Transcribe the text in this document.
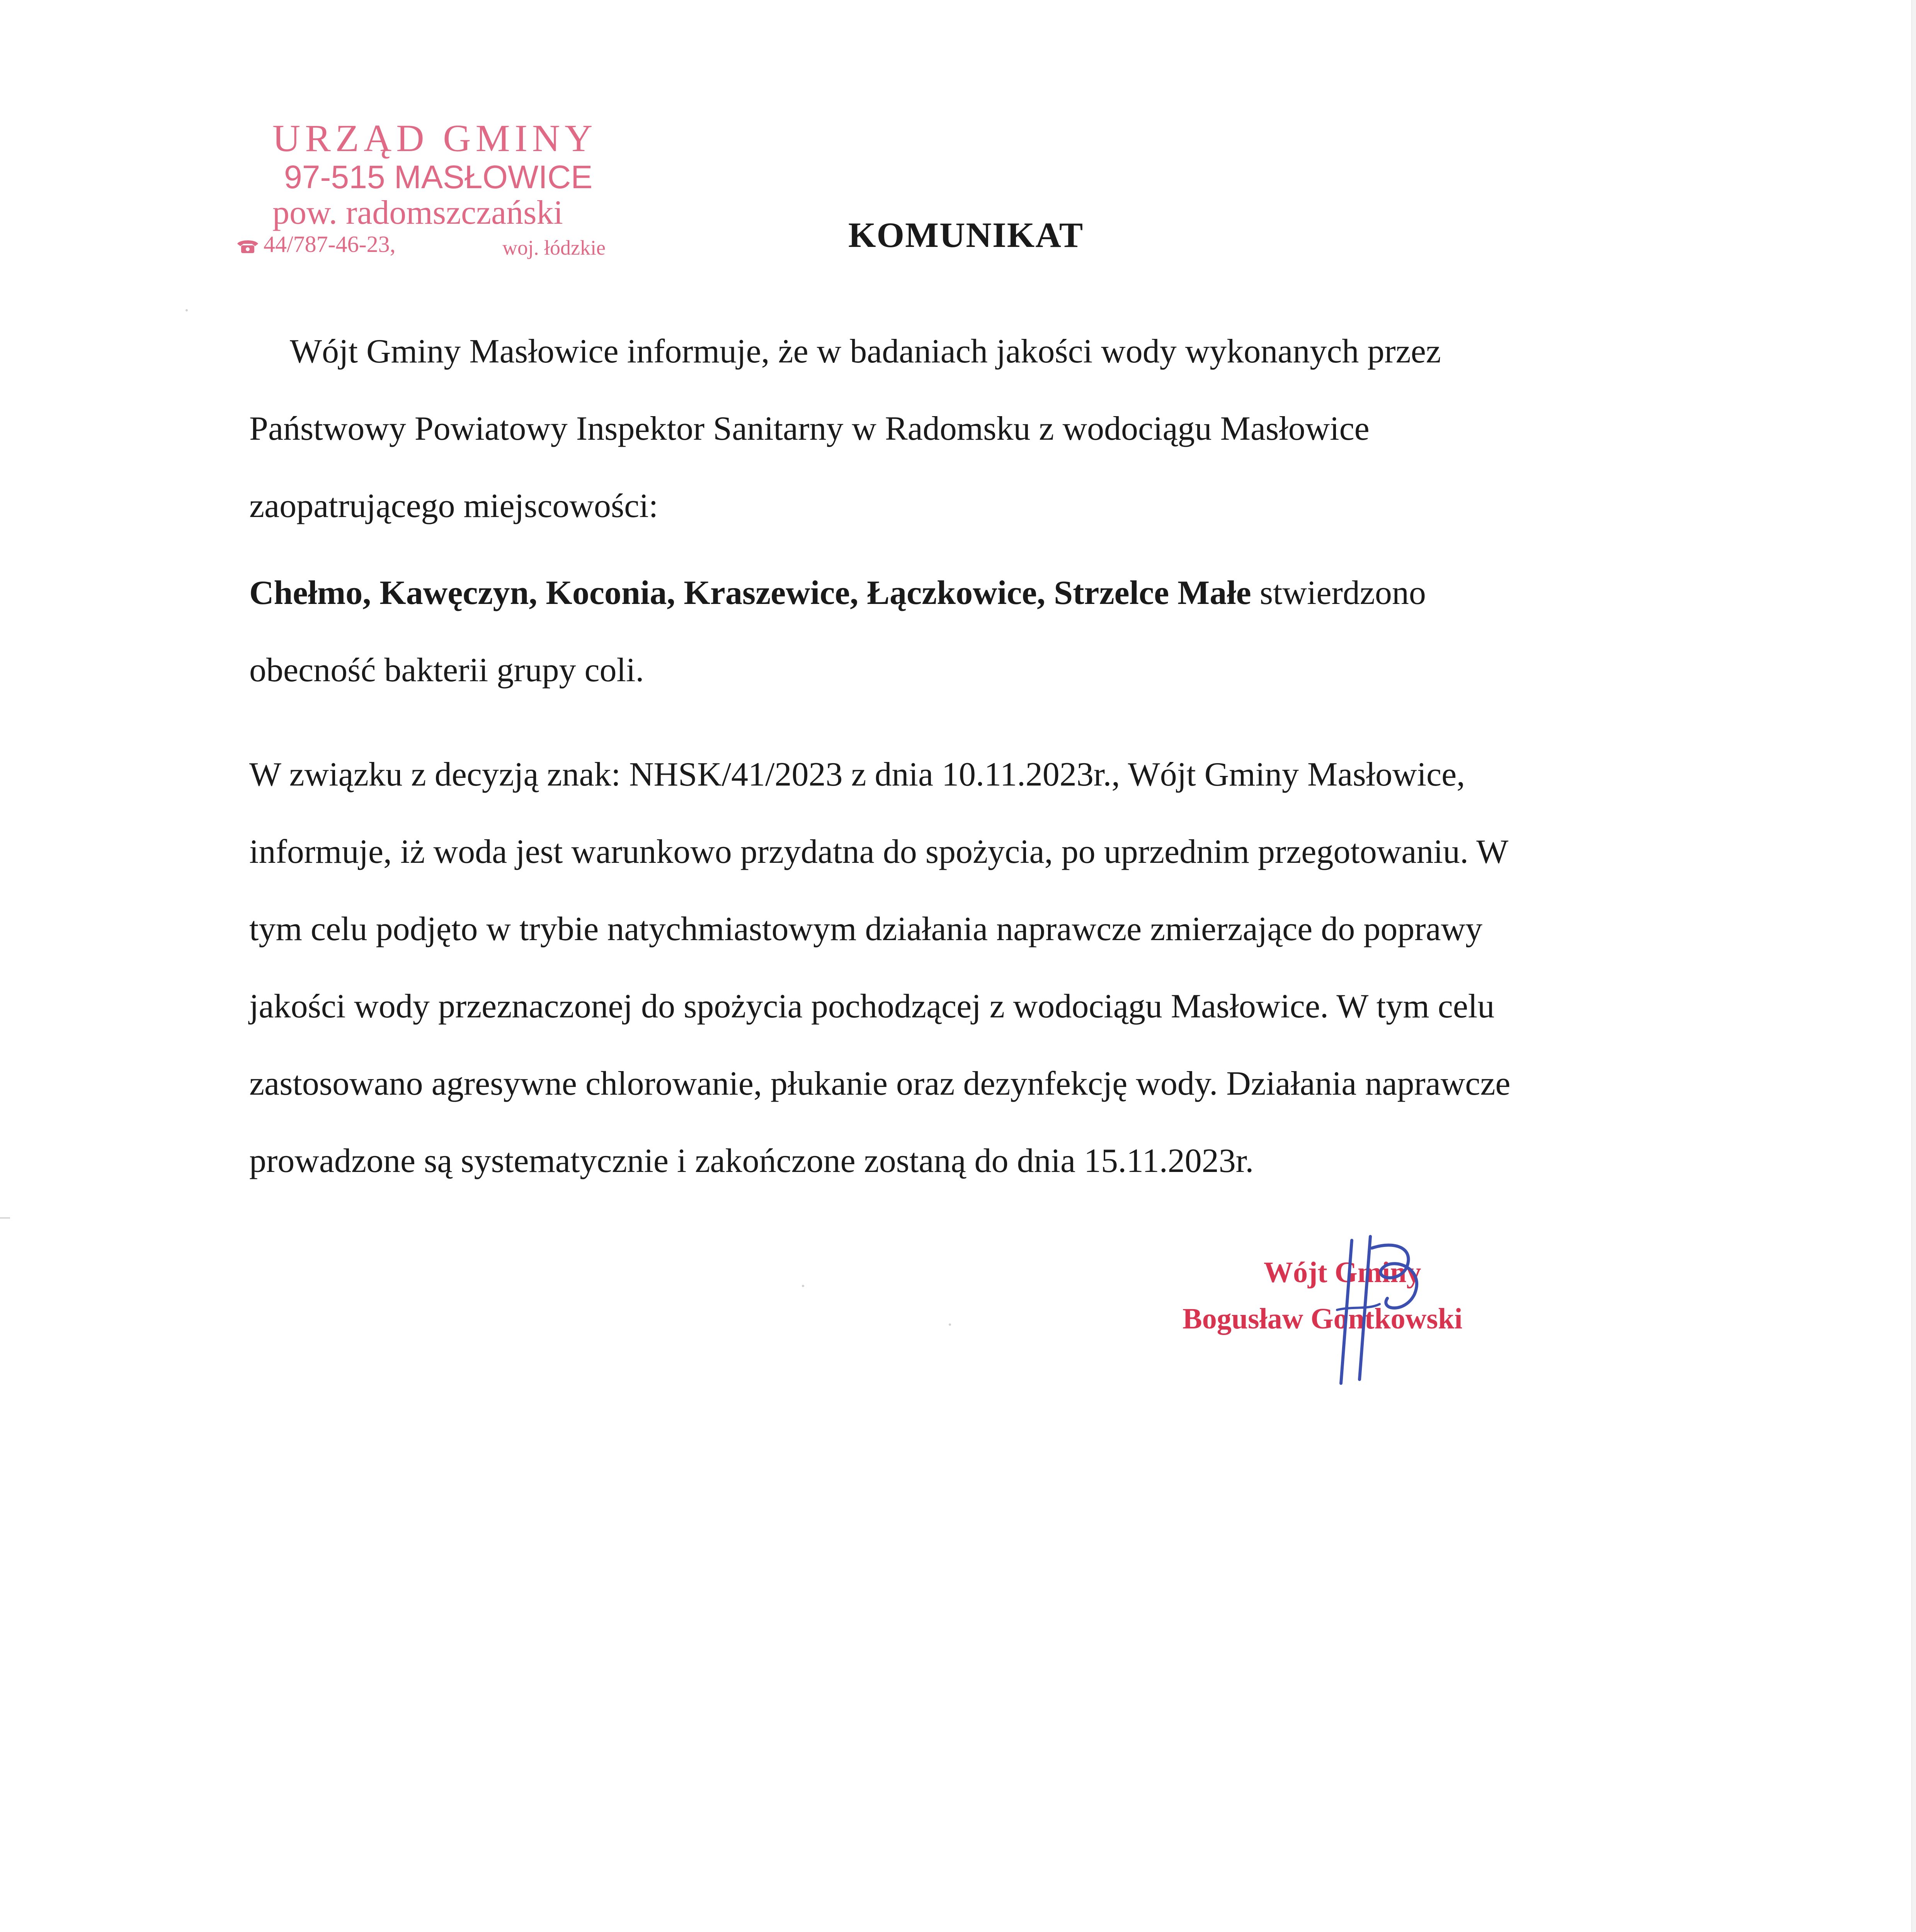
URZĄD GMINY
97-515 MASŁOWICE
pow. radomszczański
44/787-46-23,	woj. łódzkie	KOMUNIKAT

Wójt Gminy Masłowice informuje, że w badaniach jakości wody wykonanych przez
Państwowy Powiatowy Inspektor Sanitarny w Radomsku z wodociągu Masłowice
zaopatrującego miejscowości:

Chełmo, Kawęczyn, Koconia, Kraszewice, Łączkowice, Strzelce Małe stwierdzono
obecność bakterii grupy coli.

W związku z decyzją znak: NHSK/41/2023 z dnia 10.11.2023r., Wójt Gminy Masłowice,
informuje, iż woda jest warunkowo przydatna do spożycia, po uprzednim przegotowaniu. W
tym celu podjęto w trybie natychmiastowym działania naprawcze zmierzające do poprawy
jakości wody przeznaczonej do spożycia pochodzącej z wodociągu Masłowice. W tym celu
zastosowano agresywne chlorowanie, płukanie oraz dezynfekcję wody. Działania naprawcze
prowadzone są systematycznie i zakończone zostaną do dnia 15.11.2023r.

Wójt Gminy
Bogusław Gontkowski
